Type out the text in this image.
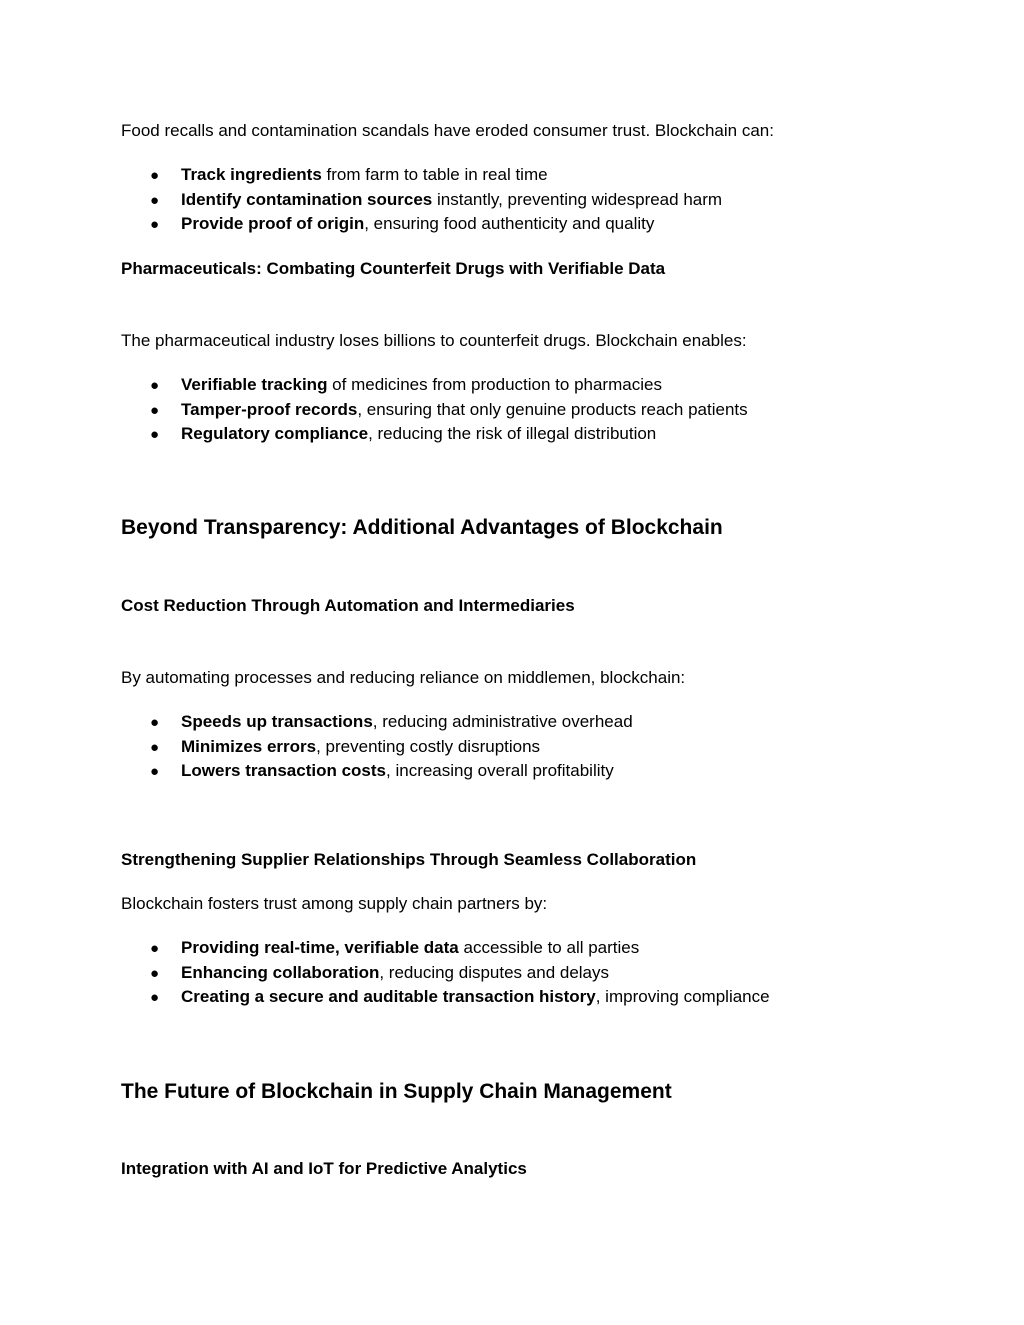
Food recalls and contamination scandals have eroded consumer trust. Blockchain can:
● Track ingredients from farm to table in real time
● Identify contamination sources instantly, preventing widespread harm
● Provide proof of origin, ensuring food authenticity and quality
Pharmaceuticals: Combating Counterfeit Drugs with Verifiable Data
The pharmaceutical industry loses billions to counterfeit drugs. Blockchain enables:
● Verifiable tracking of medicines from production to pharmacies
● Tamper-proof records, ensuring that only genuine products reach patients
● Regulatory compliance, reducing the risk of illegal distribution
Beyond Transparency: Additional Advantages of Blockchain
Cost Reduction Through Automation and Intermediaries
By automating processes and reducing reliance on middlemen, blockchain:
● Speeds up transactions, reducing administrative overhead
● Minimizes errors, preventing costly disruptions
● Lowers transaction costs, increasing overall profitability
Strengthening Supplier Relationships Through Seamless Collaboration
Blockchain fosters trust among supply chain partners by:
● Providing real-time, verifiable data accessible to all parties
● Enhancing collaboration, reducing disputes and delays
● Creating a secure and auditable transaction history, improving compliance
The Future of Blockchain in Supply Chain Management
Integration with AI and IoT for Predictive Analytics
